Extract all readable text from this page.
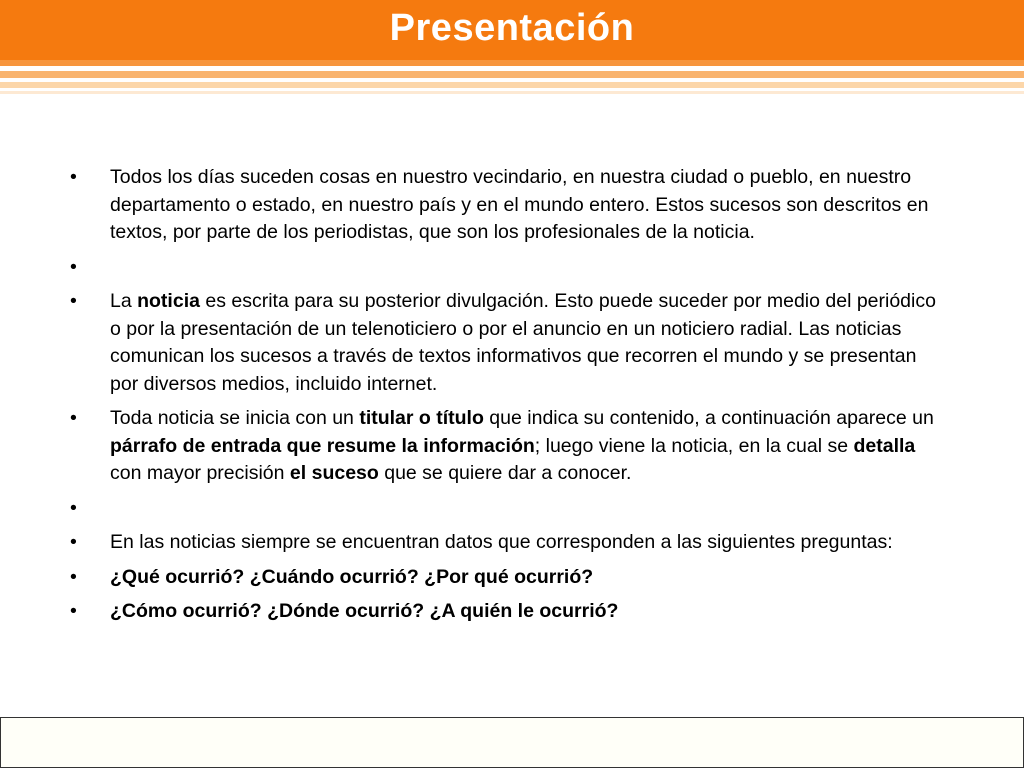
Presentación
• Todos los días suceden cosas en nuestro vecindario, en nuestra ciudad o pueblo, en nuestro departamento o estado, en nuestro país y en el mundo entero. Estos sucesos son descritos en textos, por parte de los periodistas, que son los profesionales de la noticia.
•
• La noticia es escrita para su posterior divulgación. Esto puede suceder por medio del periódico o por la presentación de un telenoticiero o por el anuncio en un noticiero radial. Las noticias comunican los sucesos a través de textos informativos que recorren el mundo y se presentan por diversos medios, incluido internet.
• Toda noticia se inicia con un titular o título que indica su contenido, a continuación aparece un párrafo de entrada que resume la información; luego viene la noticia, en la cual se detalla con mayor precisión el suceso que se quiere dar a conocer.
•
• En las noticias siempre se encuentran datos que corresponden a las siguientes preguntas:
• ¿Qué ocurrió? ¿Cuándo ocurrió? ¿Por qué ocurrió?
• ¿Cómo ocurrió? ¿Dónde ocurrió? ¿A quién le ocurrió?
